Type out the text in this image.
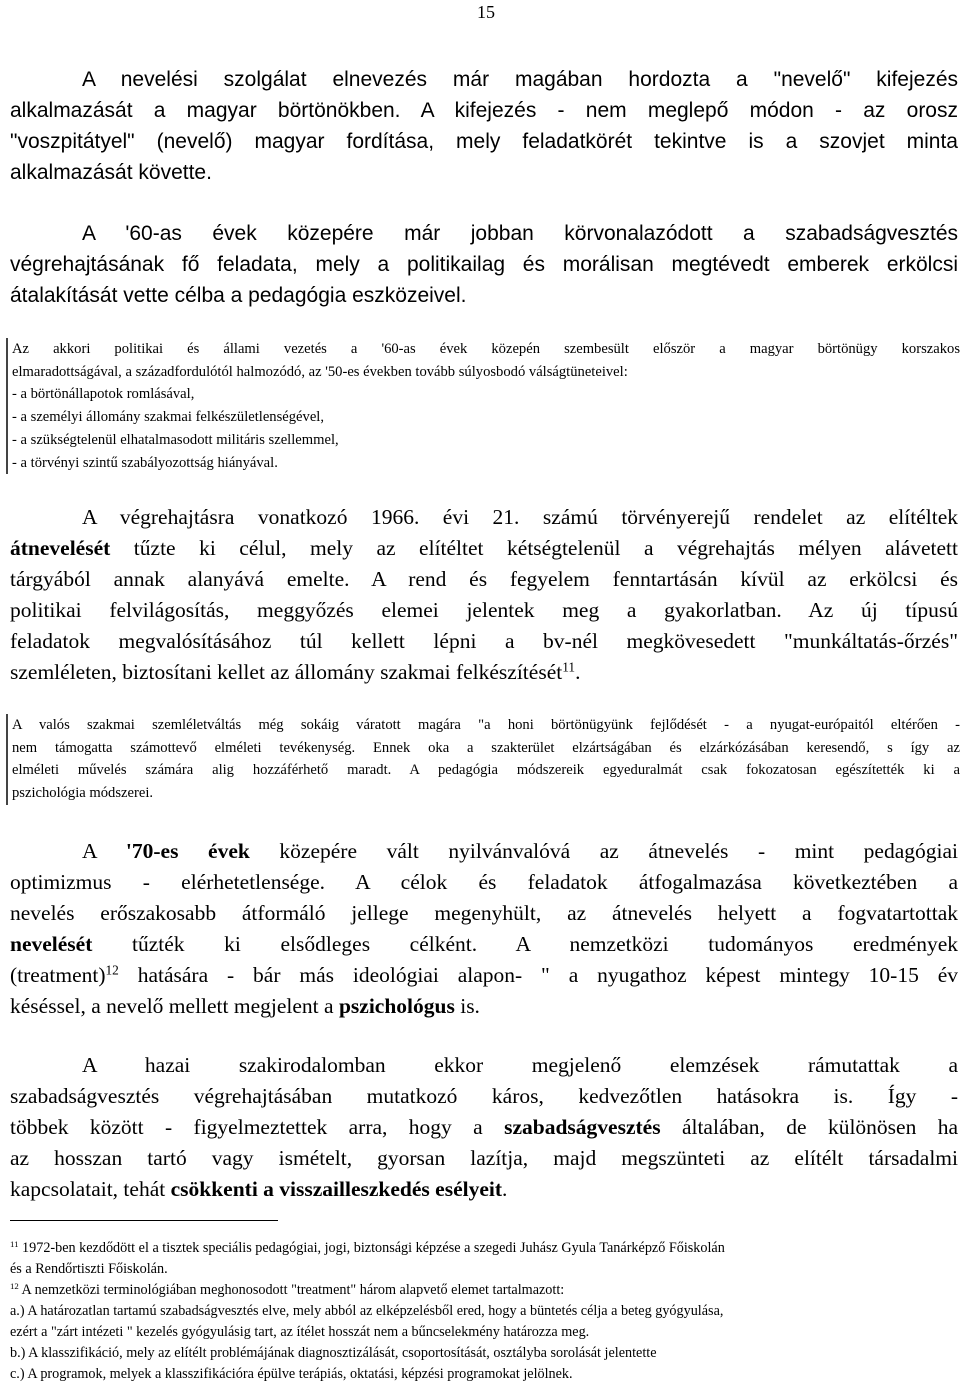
15
A nevelési szolgálat elnevezés már magában hordozta a "nevelő" kifejezés
alkalmazását a magyar börtönökben. A kifejezés - nem meglepő módon - az orosz
"voszpitátyel" (nevelő) magyar fordítása, mely feladatkörét tekintve is a szovjet minta
alkalmazását követte.
A '60-as évek közepére már jobban körvonalazódott a szabadságvesztés
végrehajtásának fő feladata, mely a politikailag és morálisan megtévedt emberek erkölcsi
átalakítását vette célba a pedagógia eszközeivel.
Az akkori politikai és állami vezetés a '60-as évek közepén szembesült először a magyar börtönügy korszakos
elmaradottságával, a századfordulótól halmozódó, az '50-es években tovább súlyosbodó válságtüneteivel:
- a börtönállapotok romlásával,
- a személyi állomány szakmai felkészületlenségével,
- a szükségtelenül elhatalmasodott militáris szellemmel,
- a törvényi szintű szabályozottság hiányával.
A végrehajtásra vonatkozó 1966. évi 21. számú törvényerejű rendelet az elítéltek
átnevelését tűzte ki célul, mely az elítéltet kétségtelenül a végrehajtás mélyen alávetett
tárgyából annak alanyává emelte. A rend és fegyelem fenntartásán kívül az erkölcsi és
politikai felvilágosítás, meggyőzés elemei jelentek meg a gyakorlatban. Az új típusú
feladatok megvalósításához túl kellett lépni a bv-nél megkövesedett "munkáltatás-őrzés"
szemléleten, biztosítani kellet az állomány szakmai felkészítését$^{11}$.
A valós szakmai szemléletváltás még sokáig váratott magára "a honi börtönügyünk fejlődését - a nyugat-európaitól eltérően -
nem támogatta számottevő elméleti tevékenység. Ennek oka a szakterület elzártságában és elzárkózásában keresendő, s így az
elméleti művelés számára alig hozzáférhető maradt. A pedagógia módszereik egyeduralmát csak fokozatosan egészítették ki a
pszichológia módszerei.
A '70-es évek közepére vált nyilvánvalóvá az átnevelés - mint pedagógiai
optimizmus - elérhetetlensége. A célok és feladatok átfogalmazása következtében a
nevelés erőszakosabb átformáló jellege megenyhült, az átnevelés helyett a fogvatartottak
nevelését tűzték ki elsődleges célként. A nemzetközi tudományos eredmények
(treatment)$^{12}$ hatására - bár más ideológiai alapon- " a nyugathoz képest mintegy 10-15 év
késéssel, a nevelő mellett megjelent a pszichológus is.
A hazai szakirodalomban ekkor megjelenő elemzések rámutattak a
szabadságvesztés végrehajtásában mutatkozó káros, kedvezőtlen hatásokra is. Így -
többek között - figyelmeztettek arra, hogy a szabadságvesztés általában, de különösen ha
az hosszan tartó vagy ismételt, gyorsan lazítja, majd megszünteti az elítélt társadalmi
kapcsolatait, tehát csökkenti a visszailleszkedés esélyeit.
$^{11}$ 1972-ben kezdődött el a tisztek speciális pedagógiai, jogi, biztonsági képzése a szegedi Juhász Gyula Tanárképző Főiskolán
és a Rendőrtiszti Főiskolán.
$^{12}$ A nemzetközi terminológiában meghonosodott "treatment" három alapvető elemet tartalmazott:
a.) A határozatlan tartamú szabadságvesztés elve, mely abból az elképzelésből ered, hogy a büntetés célja a beteg gyógyulása,
ezért a "zárt intézeti " kezelés gyógyulásig tart, az ítélet hosszát nem a bűncselekmény határozza meg.
b.) A klasszifikáció, mely az elítélt problémájának diagnosztizálását, csoportosítását, osztályba sorolását jelentette
c.) A programok, melyek a klasszifikációra épülve terápiás, oktatási, képzési programokat jelölnek.
